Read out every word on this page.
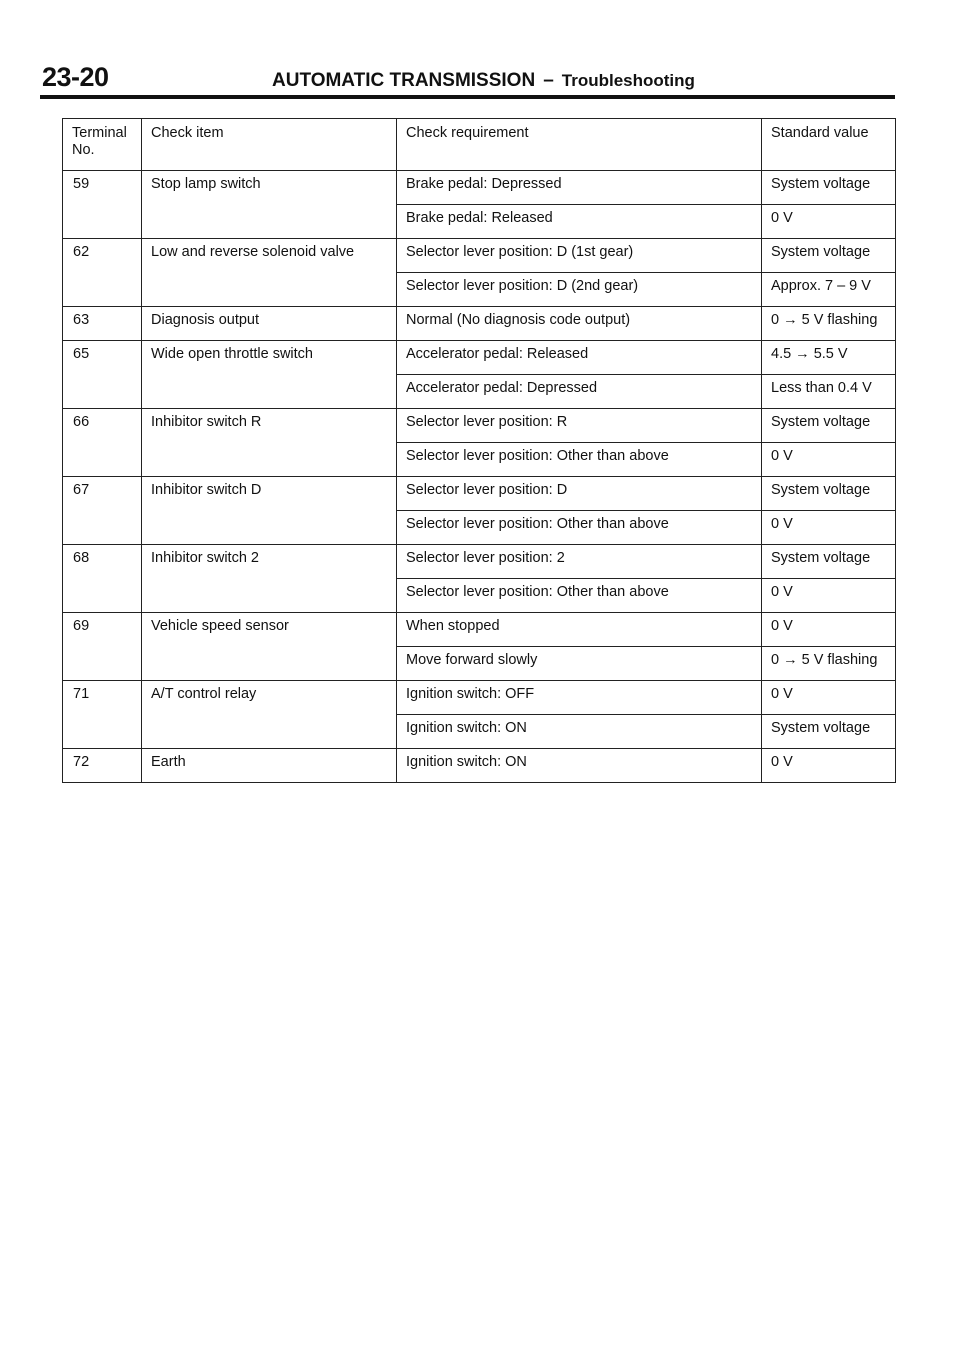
23-20	AUTOMATIC TRANSMISSION – Troubleshooting
Terminal No.	Check item	Check requirement	Standard value
59	Stop lamp switch	Brake pedal: Depressed	System voltage
		Brake pedal: Released	0 V
62	Low and reverse solenoid valve	Selector lever position: D (1st gear)	System voltage
		Selector lever position: D (2nd gear)	Approx. 7 – 9 V
63	Diagnosis output	Normal (No diagnosis code output)	0 → 5 V flashing
65	Wide open throttle switch	Accelerator pedal: Released	4.5 → 5.5 V
		Accelerator pedal: Depressed	Less than 0.4 V
66	Inhibitor switch R	Selector lever position: R	System voltage
		Selector lever position: Other than above	0 V
67	Inhibitor switch D	Selector lever position: D	System voltage
		Selector lever position: Other than above	0 V
68	Inhibitor switch 2	Selector lever position: 2	System voltage
		Selector lever position: Other than above	0 V
69	Vehicle speed sensor	When stopped	0 V
		Move forward slowly	0 → 5 V flashing
71	A/T control relay	Ignition switch: OFF	0 V
		Ignition switch: ON	System voltage
72	Earth	Ignition switch: ON	0 V
